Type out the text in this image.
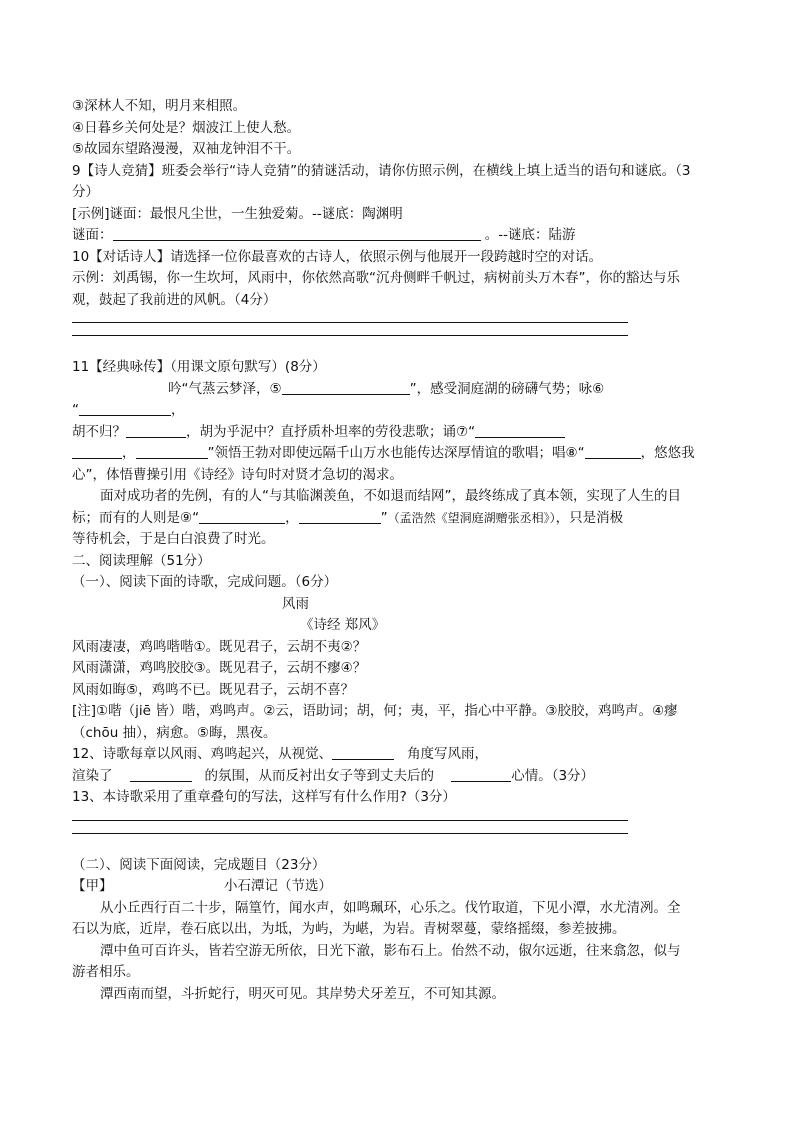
③深林人不知，明月来相照。
④日暮乡关何处是？烟波江上使人愁。
⑤故园东望路漫漫，双袖龙钟泪不干。
9【诗人竞猜】班委会举行“诗人竞猜”的猜谜活动，请你仿照示例，在横线上填上适当的语句和谜底。（3
分）
[示例]谜面：最恨凡尘世，一生独爱菊。--谜底：陶渊明
谜面：	。--谜底：陆游
10【对话诗人】请选择一位你最喜欢的古诗人，依照示例与他展开一段跨越时空的对话。
示例：刘禹锡，你一生坎坷，风雨中，你依然高歌“沉舟侧畔千帆过，病树前头万木春”，你的豁达与乐
观，鼓起了我前进的风帆。（4分）
11【经典咏传】（用课文原句默写）(8分）
吟“气蒸云梦泽，⑤	”，感受洞庭湖的磅礴气势；咏⑥
“	，
胡不归？	，胡为乎泥中？直抒质朴坦率的劳役悲歌；诵⑦“
，	”领悟王勃对即使远隔千山万水也能传达深厚情谊的歌唱；唱⑧“	，悠悠我
心”，体悟曹操引用《诗经》诗句时对贤才急切的渴求。
面对成功者的先例，有的人“与其临渊羡鱼，不如退而结网”，最终练成了真本领，实现了人生的目
标；而有的人则是⑨“	，	”（孟浩然《望洞庭湖赠张丞相》），只是消极
等待机会，于是白白浪费了时光。
二、阅读理解（51分）
（一）、阅读下面的诗歌，完成问题。（6分）
风雨
《诗经 郑风》
风雨凄凄，鸡鸣喈喈①。既见君子，云胡不夷②？
风雨潇潇，鸡鸣胶胶③。既见君子，云胡不瘳④？
风雨如晦⑤，鸡鸣不已。既见君子，云胡不喜？
[注]①喈（jiē 皆）喈，鸡鸣声。②云，语助词；胡，何；夷，平，指心中平静。③胶胶，鸡鸣声。④瘳
（chōu 抽），病愈。⑤晦，黑夜。
12、诗歌每章以风雨、鸡鸣起兴，从视觉、	角度写风雨，
渲染了	的氛围，从而反衬出女子等到丈夫后的	心情。（3分）
13、本诗歌采用了重章叠句的写法，这样写有什么作用?（3分）
（二）、阅读下面阅读，完成题目（23分）
【甲】	小石潭记（节选）
从小丘西行百二十步，隔篁竹，闻水声，如鸣珮环，心乐之。伐竹取道，下见小潭，水尤清冽。全
石以为底，近岸，卷石底以出，为坻，为屿，为嵁，为岩。青树翠蔓，蒙络摇缀，参差披拂。
潭中鱼可百许头，皆若空游无所依，日光下澈，影布石上。佁然不动，俶尔远逝，往来翕忽，似与
游者相乐。
潭西南而望，斗折蛇行，明灭可见。其岸势犬牙差互，不可知其源。
